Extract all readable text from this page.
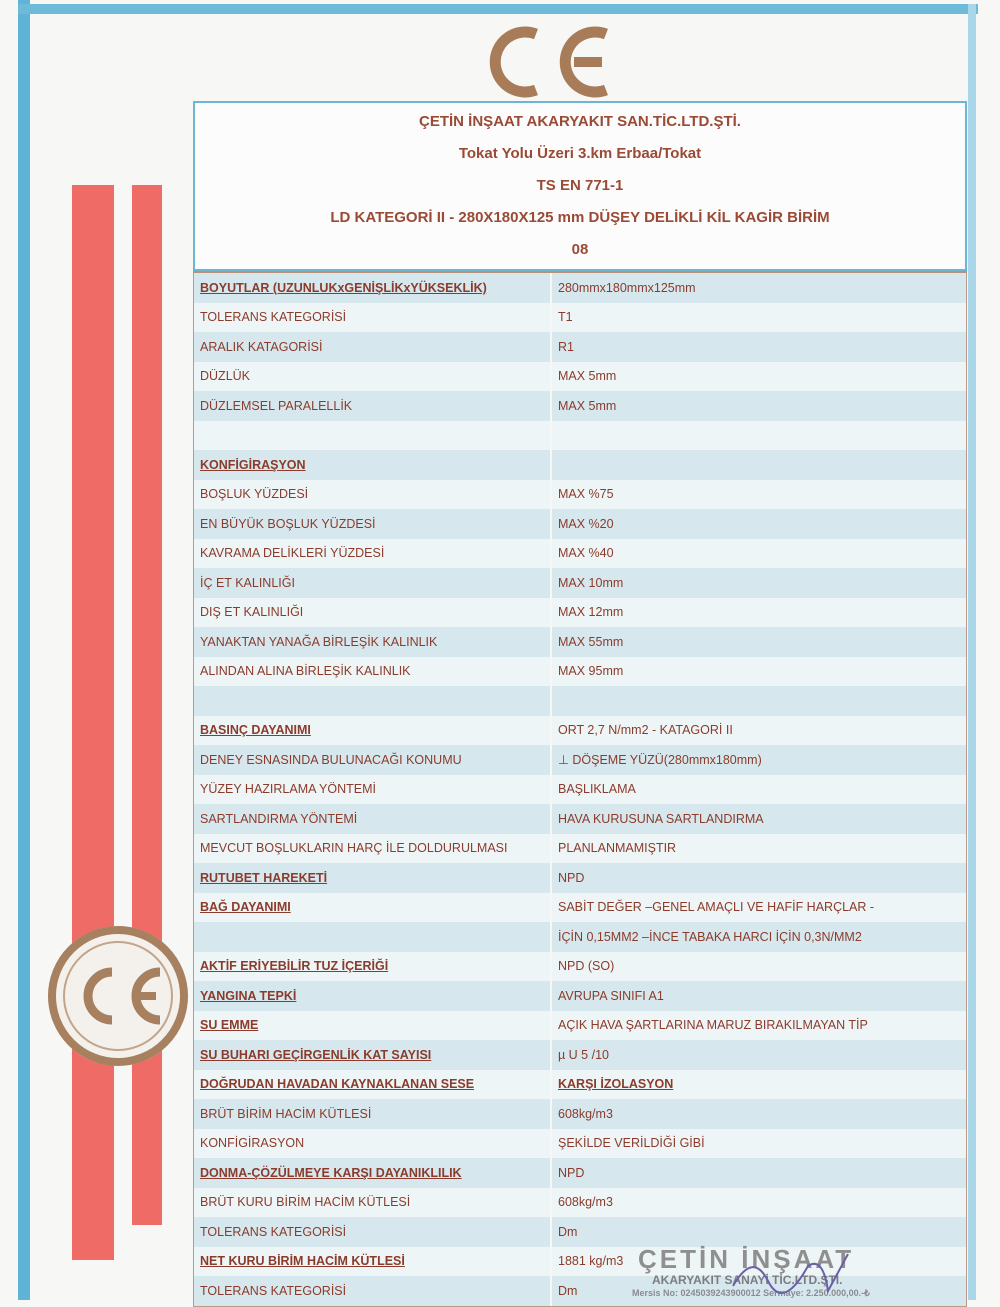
ÇETİN İNŞAAT AKARYAKIT SAN.TİC.LTD.ŞTİ.
Tokat Yolu Üzeri 3.km Erbaa/Tokat
TS EN 771-1
LD KATEGORİ II - 280X180X125 mm DÜŞEY DELİKLİ KİL KAGİR BİRİM
08
BOYUTLAR (UZUNLUKxGENİŞLİKxYÜKSEKLİK)	280mmx180mmx125mm
TOLERANS KATEGORİSİ	T1
ARALIK KATAGORİSİ	R1
DÜZLÜK	MAX 5mm
DÜZLEMSEL PARALELLİK	MAX 5mm
KONFİGİRAŞYON
BOŞLUK YÜZDESİ	MAX %75
EN BÜYÜK BOŞLUK YÜZDESİ	MAX %20
KAVRAMA DELİKLERİ YÜZDESİ	MAX %40
İÇ ET KALINLIĞI	MAX 10mm
DIŞ ET KALINLIĞI	MAX 12mm
YANAKTAN YANAĞA BİRLEŞİK KALINLIK	MAX 55mm
ALINDAN ALINA BİRLEŞİK KALINLIK	MAX 95mm
BASINÇ DAYANIMI	ORT 2,7 N/mm2 - KATAGORİ II
DENEY ESNASINDA BULUNACAĞI KONUMU	⊥ DÖŞEME YÜZÜ(280mmx180mm)
YÜZEY HAZIRLAMA YÖNTEMİ	BAŞLIKLAMA
SARTLANDIRMA YÖNTEMİ	HAVA KURUSUNA SARTLANDIRMA
MEVCUT BOŞLUKLARIN HARÇ İLE DOLDURULMASI	PLANLANMAMIŞTIR
RUTUBET HAREKETİ	NPD
BAĞ DAYANIMI	SABİT DEĞER –GENEL AMAÇLI VE HAFİF HARÇLAR -
İÇİN 0,15MM2 –İNCE TABAKA HARCI İÇİN 0,3N/MM2
AKTİF ERİYEBİLİR TUZ İÇERİĞİ	NPD (SO)
YANGINA TEPKİ	AVRUPA SINIFI A1
SU EMME	AÇIK HAVA ŞARTLARINA MARUZ BIRAKILMAYAN TİP
SU BUHARI GEÇİRGENLİK KAT SAYISI	µ U 5 /10
DOĞRUDAN HAVADAN KAYNAKLANAN SESE	KARŞI İZOLASYON
BRÜT BİRİM HACİM KÜTLESİ	608kg/m3
KONFİGİRASYON	ŞEKİLDE VERİLDİĞİ GİBİ
DONMA-ÇÖZÜLMEYE KARŞI DAYANIKLILIK	NPD
BRÜT KURU BİRİM HACİM KÜTLESİ	608kg/m3
TOLERANS KATEGORİSİ	Dm
NET KURU BİRİM HACİM KÜTLESİ	1881 kg/m3
TOLERANS KATEGORİSİ	Dm
ÇETİN İNŞAAT
AKARYAKIT SANAYİ TİC.LTD.ŞTİ.
Mersis No: 0245039243900012 Sermaye: 2.250.000,00.-₺
